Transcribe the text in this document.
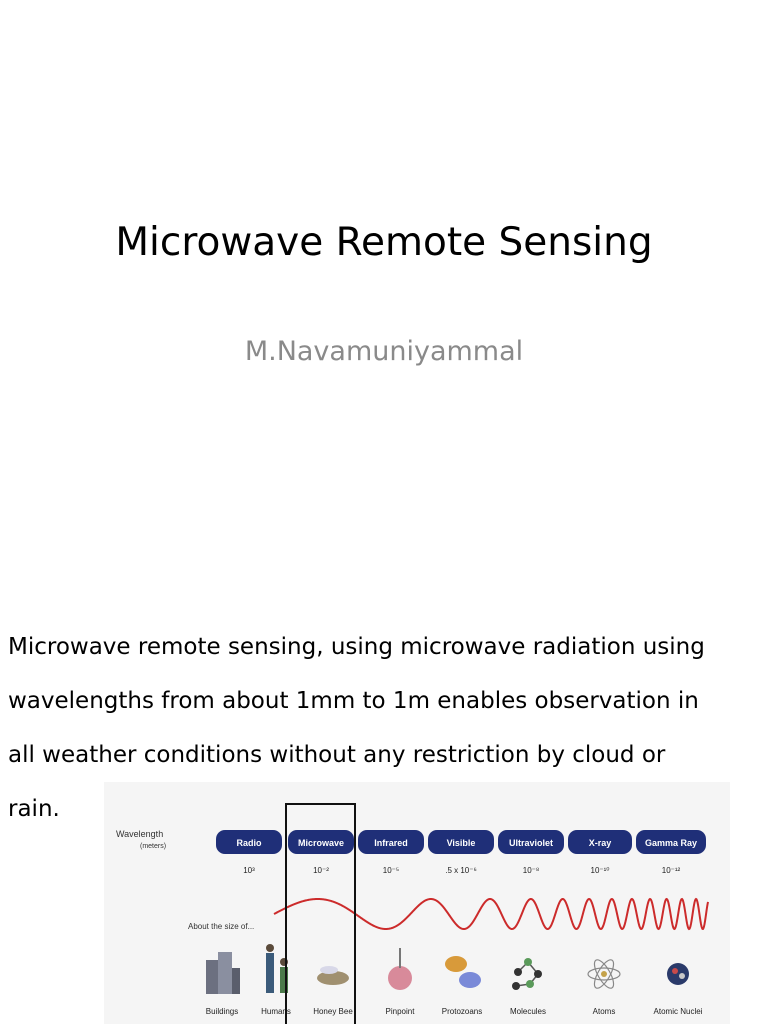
Microwave Remote Sensing
M.Navamuniyammal
Microwave remote sensing, using microwave radiation using
wavelengths from about 1mm to 1m enables observation in
all weather conditions without any restriction by cloud or
rain.
Wavelength
(meters)
About the size of...
Radio
10³
Microwave
10⁻²
Infrared
10⁻⁵
Visible
.5 x 10⁻⁶
Ultraviolet
10⁻⁸
X-ray
10⁻¹⁰
Gamma Ray
10⁻¹²
Buildings	Humans	Honey Bee	Pinpoint	Protozoans	Molecules	Atoms	Atomic Nuclei
